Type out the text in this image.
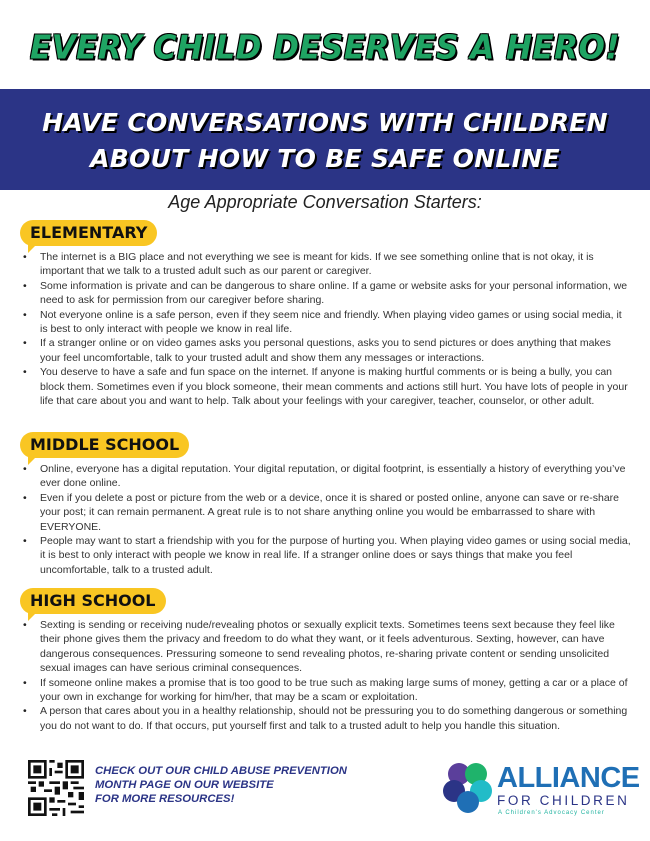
EVERY CHILD DESERVES A HERO!
HAVE CONVERSATIONS WITH CHILDREN
ABOUT HOW TO BE SAFE ONLINE
Age Appropriate Conversation Starters:
ELEMENTARY
• The internet is a BIG place and not everything we see is meant for kids. If we see something online that is not okay, it is important that we talk to a trusted adult such as our parent or caregiver.
• Some information is private and can be dangerous to share online. If a game or website asks for your personal information, we need to ask for permission from our caregiver before sharing.
• Not everyone online is a safe person, even if they seem nice and friendly. When playing video games or using social media, it is best to only interact with people we know in real life.
• If a stranger online or on video games asks you personal questions, asks you to send pictures or does anything that makes your feel uncomfortable, talk to your trusted adult and show them any messages or interactions.
• You deserve to have a safe and fun space on the internet. If anyone is making hurtful comments or is being a bully, you can block them. Sometimes even if you block someone, their mean comments and actions still hurt. You have lots of people in your life that care about you and want to help. Talk about your feelings with your caregiver, teacher, counselor, or other adult.
MIDDLE SCHOOL
• Online, everyone has a digital reputation. Your digital reputation, or digital footprint, is essentially a history of everything you’ve ever done online.
• Even if you delete a post or picture from the web or a device, once it is shared or posted online, anyone can save or re-share your post; it can remain permanent. A great rule is to not share anything online you would be embarrassed to share with EVERYONE.
• People may want to start a friendship with you for the purpose of hurting you. When playing video games or using social media, it is best to only interact with people we know in real life. If a stranger online does or says things that make you feel uncomfortable, talk to a trusted adult.
HIGH SCHOOL
• Sexting is sending or receiving nude/revealing photos or sexually explicit texts. Sometimes teens sext because they feel like their phone gives them the privacy and freedom to do what they want, or it feels adventurous. Sexting, however, can have dangerous consequences. Pressuring someone to send revealing photos, re-sharing private content or sending unsolicited sexual images can have serious criminal consequences.
• If someone online makes a promise that is too good to be true such as making large sums of money, getting a car or a place of your own in exchange for working for him/her, that may be a scam or exploitation.
• A person that cares about you in a healthy relationship, should not be pressuring you to do something dangerous or something you do not want to do. If that occurs, put yourself first and talk to a trusted adult to help you handle this situation.
CHECK OUT OUR CHILD ABUSE PREVENTION
MONTH PAGE ON OUR WEBSITE
FOR MORE RESOURCES!
ALLIANCE
FOR CHILDREN
A Children's Advocacy Center
